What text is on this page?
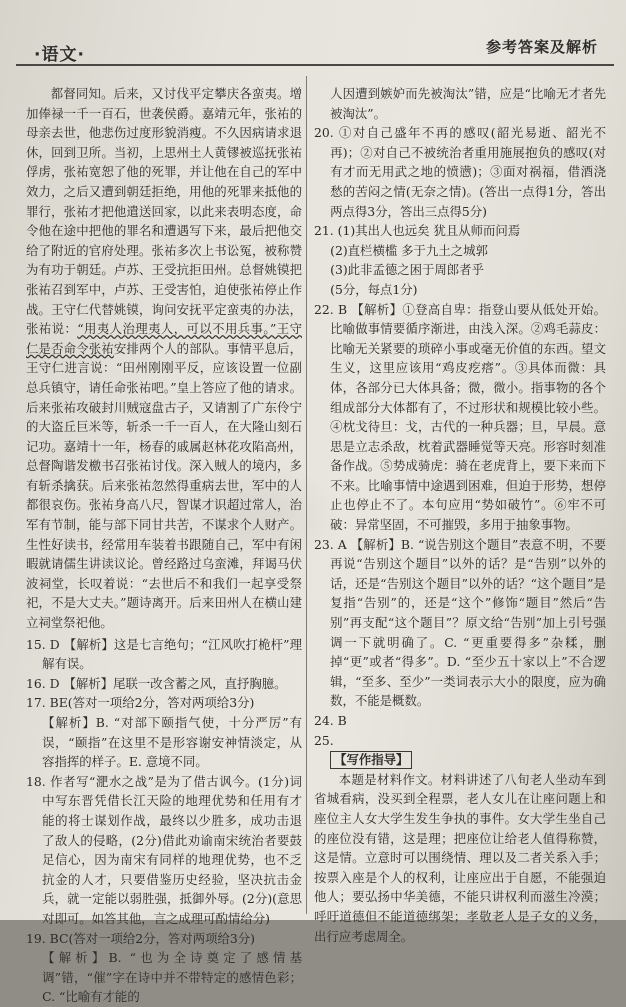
·语文·	参考答案及解析

都督同知。后来，又讨伐平定攀庆各蛮夷。增加俸禄一千一百石，世袭侯爵。嘉靖元年，张祐的母亲去世，他悲伤过度形貌消瘦。不久因病请求退休，回到卫所。当初，上思州土人黄镠被巡抚张祐俘虏，张祐宽恕了他的死罪，并让他在自己的军中效力，之后又遭到朝廷拒绝，用他的死罪来抵他的罪行，张祐才把他遣送回家，以此来表明态度，命令他在途中把他的罪名和遭遇写下来，最后把他交给了附近的官府处理。张祐多次上书讼冤，被称赞为有功于朝廷。卢苏、王受抗拒田州。总督姚镆把张祐召到军中，卢苏、王受害怕，迫使张祐停止作战。王守仁代替姚镆，询问安抚平定蛮夷的办法，张祐说：“用夷人治理夷人，可以不用兵事。”王守仁是否命令张祐安排两个人的部队。事情平息后，王守仁进言说：“田州刚刚平反，应该设置一位副总兵镇守，请任命张祐吧。”皇上答应了他的请求。后来张祐攻破封川贼寇盘古子，又请割了广东伶宁的大盗丘巨米等，斩杀一千一百人，在大隆山刻石记功。嘉靖十一年，杨春的戚属赵林花攻陷高州，总督陶谐发檄书召张祐讨伐。深入贼人的境内，多有斩杀擒获。后来张祐忽然得重病去世，军中的人都很哀伤。张祐身高八尺，智谋才识超过常人，治军有节制，能与部下同甘共苦，不谋求个人财产。生性好读书，经常用车装着书跟随自己，军中有闲暇就请儒生讲读议论。曾经路过乌蛮滩，拜谒马伏波祠堂，长叹着说：“去世后不和我们一起享受祭祀，不是大丈夫。”题诗离开。后来田州人在横山建立祠堂祭祀他。

15. D 【解析】这是七言绝句；“江风吹打桅杆”理解有误。

16. D 【解析】尾联一改含蓄之风，直抒胸臆。

17. BE(答对一项给2分，答对两项给3分)

【解析】B. “对部下颐指气使，十分严厉”有误，“颐指”在这里不是形容谢安神情淡定，从容指挥的样子。E. 意境不同。

18. 作者写“淝水之战”是为了借古讽今。(1分)词中写东晋凭借长江天险的地理优势和任用有才能的将士谋划作战，最终以少胜多，成功击退了敌人的侵略，(2分)借此劝谕南宋统治者要鼓足信心，因为南宋有同样的地理优势，也不乏抗金的人才，只要借鉴历史经验，坚决抗击金兵，就一定能以弱胜强，抵御外辱。(2分)(意思对即可。如答其他，言之成理可酌情给分)

19. BC(答对一项给2分，答对两项给3分)

【解析】B. “也为全诗奠定了感情基调”错，“催”字在诗中并不带特定的感情色彩；C. “比喻有才能的

人因遭到嫉妒而先被淘汰”错，应是“比喻无才者先被淘汰”。

20. ①对自己盛年不再的感叹(韶光易逝、韶光不再)；②对自己不被统治者重用施展抱负的感叹(对有才而无用武之地的愤懑)；③面对祸福，借酒浇愁的苦闷之情(无奈之情)。(答出一点得1分，答出两点得3分，答出三点得5分)

21. (1)其出人也远矣 犹且从师而问焉

(2)直栏横槛 多于九土之城郭

(3)此非孟德之困于周郎者乎

(5分，每点1分)

22. B 【解析】①登高自卑：指登山要从低处开始。比喻做事情要循序渐进，由浅入深。②鸡毛蒜皮：比喻无关紧要的琐碎小事或毫无价值的东西。望文生义，这里应该用“鸡皮疙瘩”。③具体而微：具体，各部分已大体具备；微，微小。指事物的各个组成部分大体都有了，不过形状和规模比较小些。④枕戈待旦：戈，古代的一种兵器；旦，早晨。意思是立志杀敌，枕着武器睡觉等天亮。形容时刻准备作战。⑤势成骑虎：骑在老虎背上，要下来而下不来。比喻事情中途遇到困难，但迫于形势，想停止也停止不了。本句应用“势如破竹”。⑥牢不可破：异常坚固，不可摧毁，多用于抽象事物。

23. A 【解析】B. “说告别这个题目”表意不明，不要再说“告别这个题目”以外的话？是“告别”以外的话，还是“告别这个题目”以外的话？“这个题目”是复指“告别”的，还是“这个”修饰“题目”然后“告别”再支配“这个题目”？原文给“告别”加上引号强调一下就明确了。C. “更重要得多”杂糅，删掉“更”或者“得多”。D. “至少五十家以上”不合逻辑，“至多、至少”一类词表示大小的限度，应为确数，不能是概数。

24. B

25.

【写作指导】

本题是材料作文。材料讲述了八旬老人坐动车到省城看病，没买到全程票，老人女儿在让座问题上和座位主人女大学生发生争执的事件。女大学生坐自己的座位没有错，这是理；把座位让给老人值得称赞，这是情。立意时可以围绕情、理以及二者关系入手；按票入座是个人的权利，让座应出于自愿，不能强迫他人；要弘扬中华美德，不能只讲权利而滋生冷漠；呼吁道德但不能道德绑架；孝敬老人是子女的义务，出行应考虑周全。
